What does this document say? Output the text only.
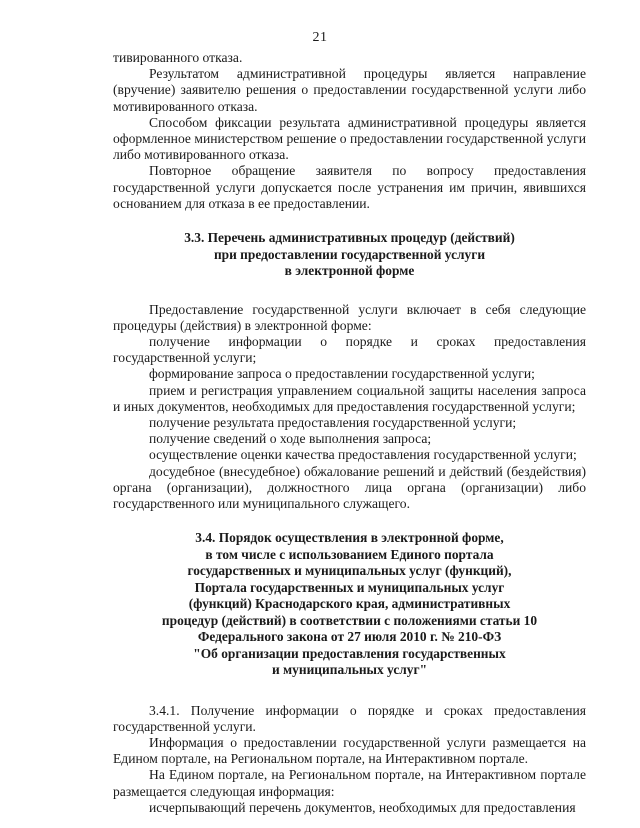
21

тивированного отказа.

Результатом административной процедуры является направление (вручение) заявителю решения о предоставлении государственной услуги либо мотивированного отказа.

Способом фиксации результата административной процедуры является оформленное министерством решение о предоставлении государственной услуги либо мотивированного отказа.

Повторное обращение заявителя по вопросу предоставления государственной услуги допускается после устранения им причин, явившихся основанием для отказа в ее предоставлении.

3.3. Перечень административных процедур (действий)
при предоставлении государственной услуги
в электронной форме

Предоставление государственной услуги включает в себя следующие процедуры (действия) в электронной форме:

получение информации о порядке и сроках предоставления государственной услуги;

формирование запроса о предоставлении государственной услуги;

прием и регистрация управлением социальной защиты населения запроса и иных документов, необходимых для предоставления государственной услуги;

получение результата предоставления государственной услуги;

получение сведений о ходе выполнения запроса;

осуществление оценки качества предоставления государственной услуги;

досудебное (внесудебное) обжалование решений и действий (бездействия) органа (организации), должностного лица органа (организации) либо государственного или муниципального служащего.

3.4. Порядок осуществления в электронной форме,
в том числе с использованием Единого портала
государственных и муниципальных услуг (функций),
Портала государственных и муниципальных услуг
(функций) Краснодарского края, административных
процедур (действий) в соответствии с положениями статьи 10
Федерального закона от 27 июля 2010 г. № 210-ФЗ
"Об организации предоставления государственных
и муниципальных услуг"

3.4.1. Получение информации о порядке и сроках предоставления государственной услуги.

Информация о предоставлении государственной услуги размещается на Едином портале, на Региональном портале, на Интерактивном портале.

На Едином портале, на Региональном портале, на Интерактивном портале размещается следующая информация:

исчерпывающий перечень документов, необходимых для предоставления
